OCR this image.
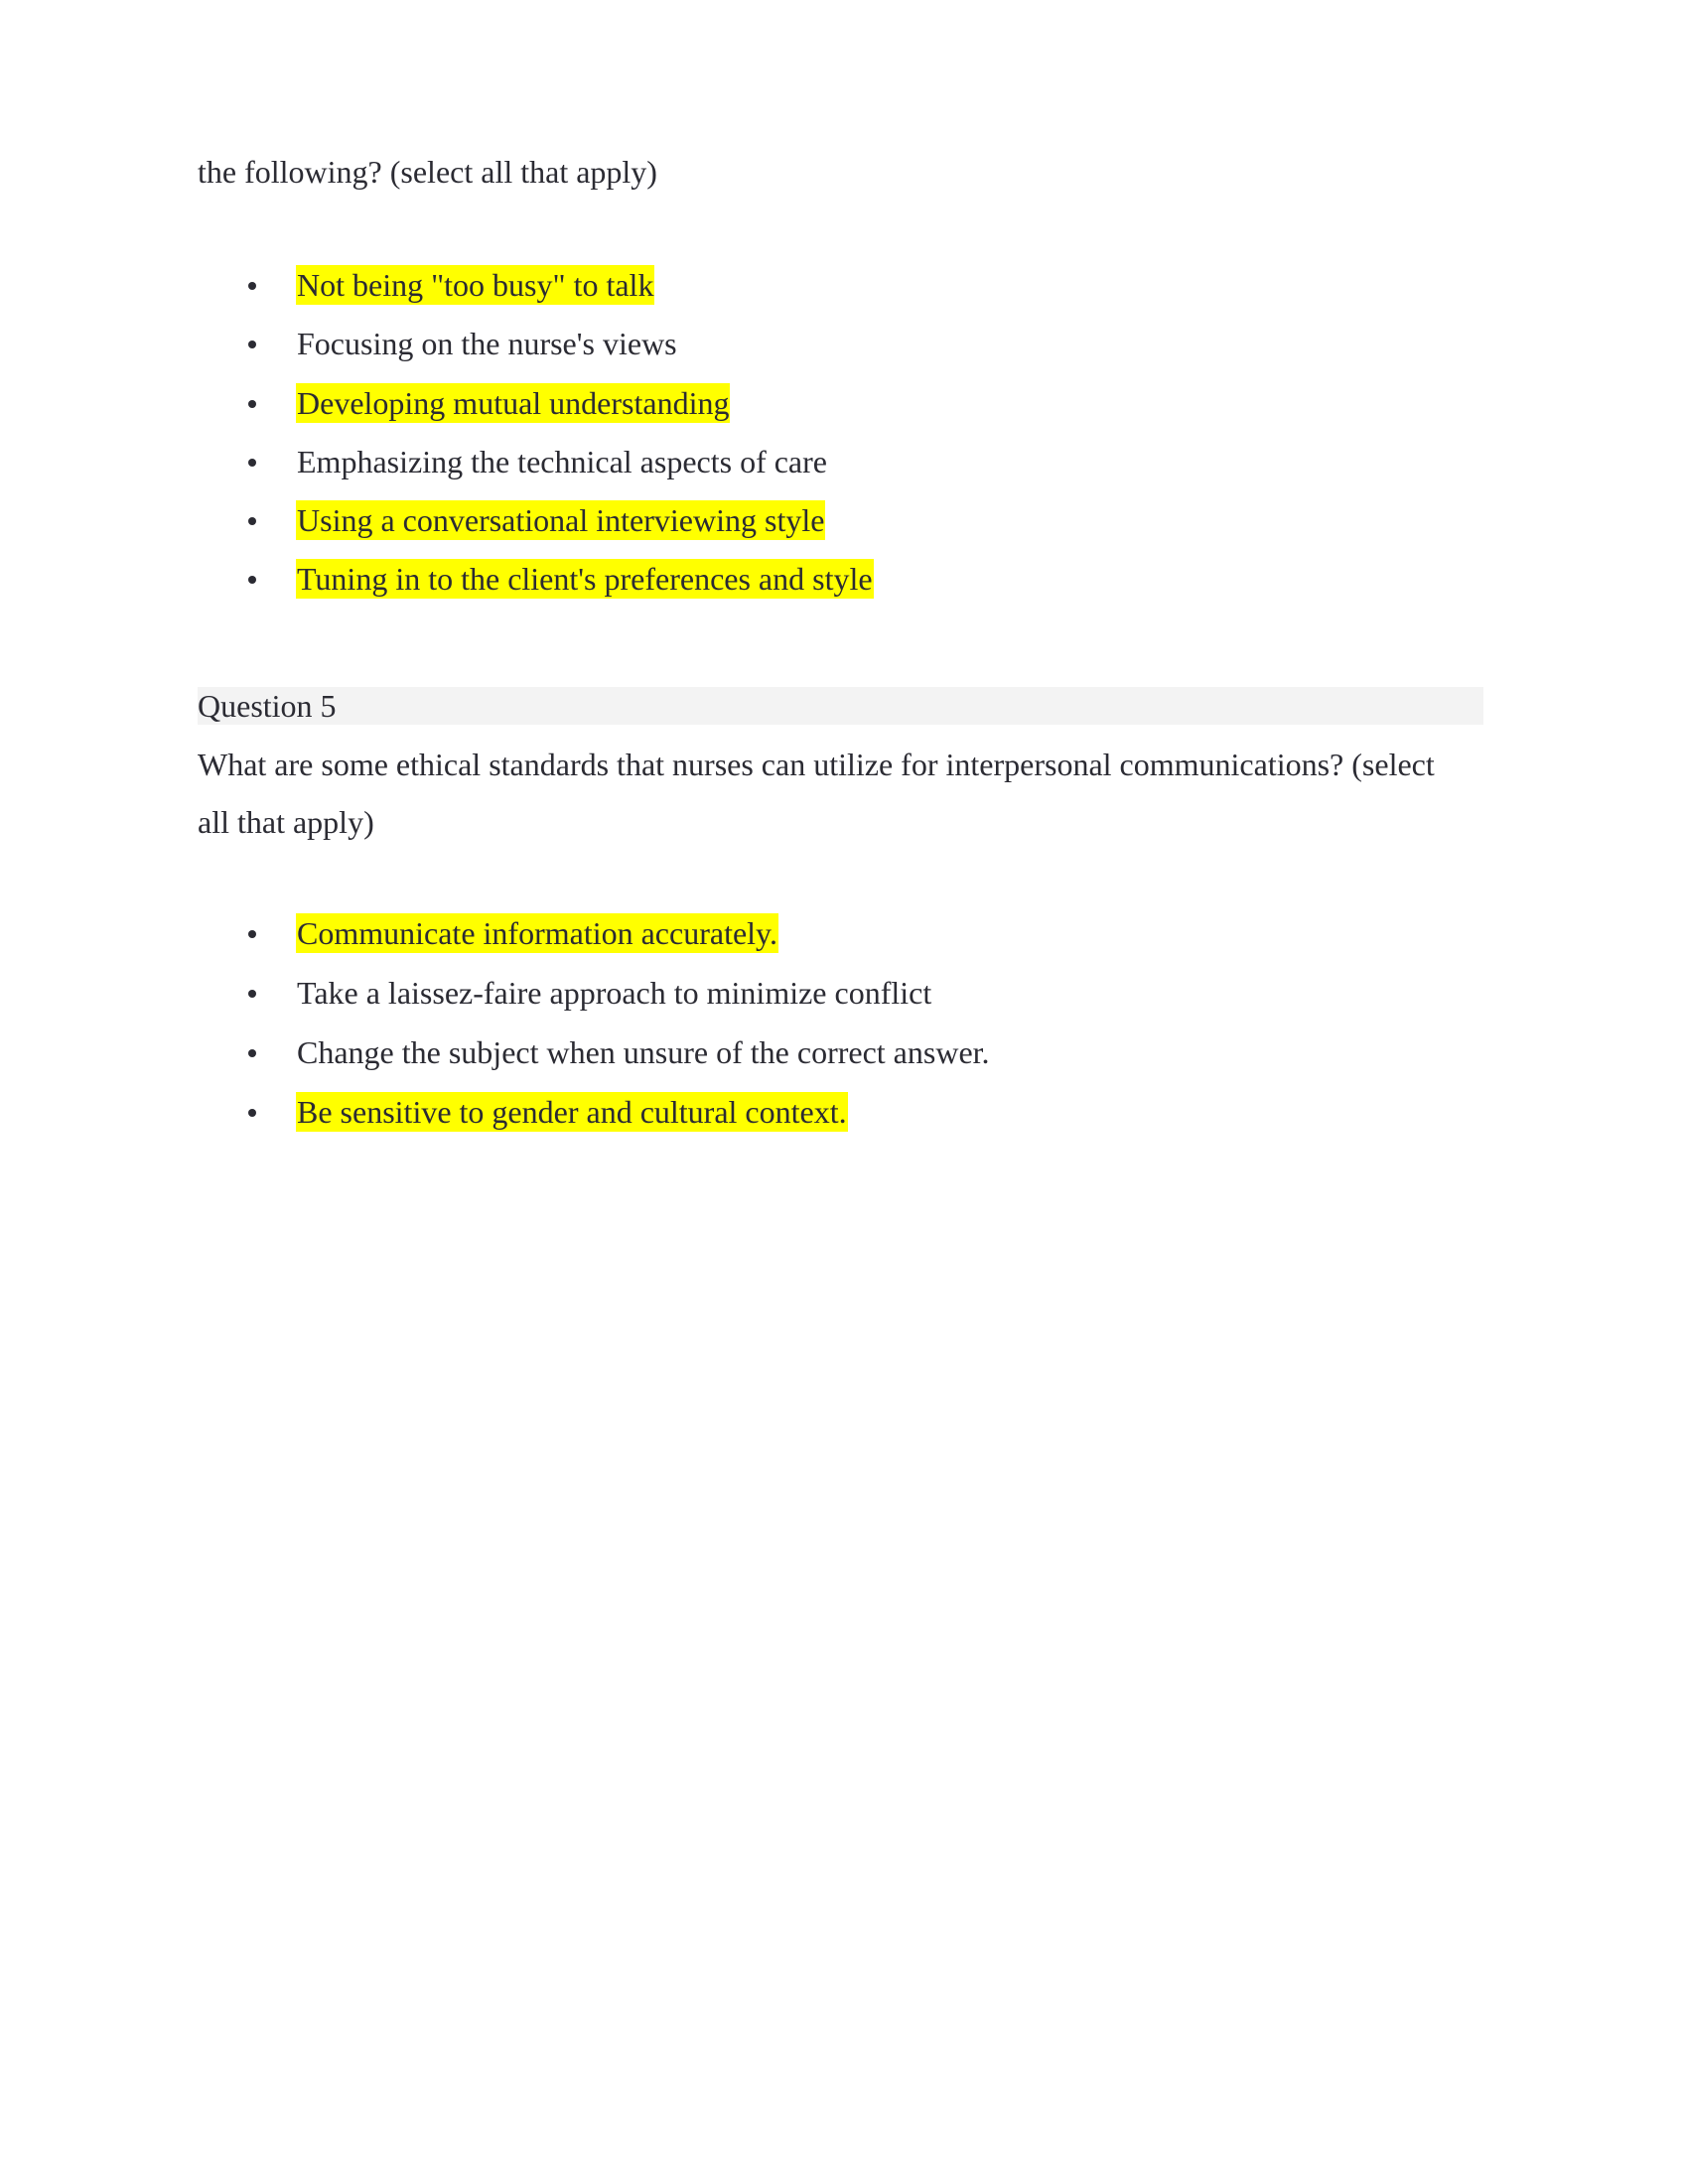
the following? (select all that apply)
Not being "too busy" to talk
Focusing on the nurse's views
Developing mutual understanding
Emphasizing the technical aspects of care
Using a conversational interviewing style
Tuning in to the client's preferences and style
Question 5
What are some ethical standards that nurses can utilize for interpersonal communications? (select
all that apply)
Communicate information accurately.
Take a laissez-faire approach to minimize conflict
Change the subject when unsure of the correct answer.
Be sensitive to gender and cultural context.
